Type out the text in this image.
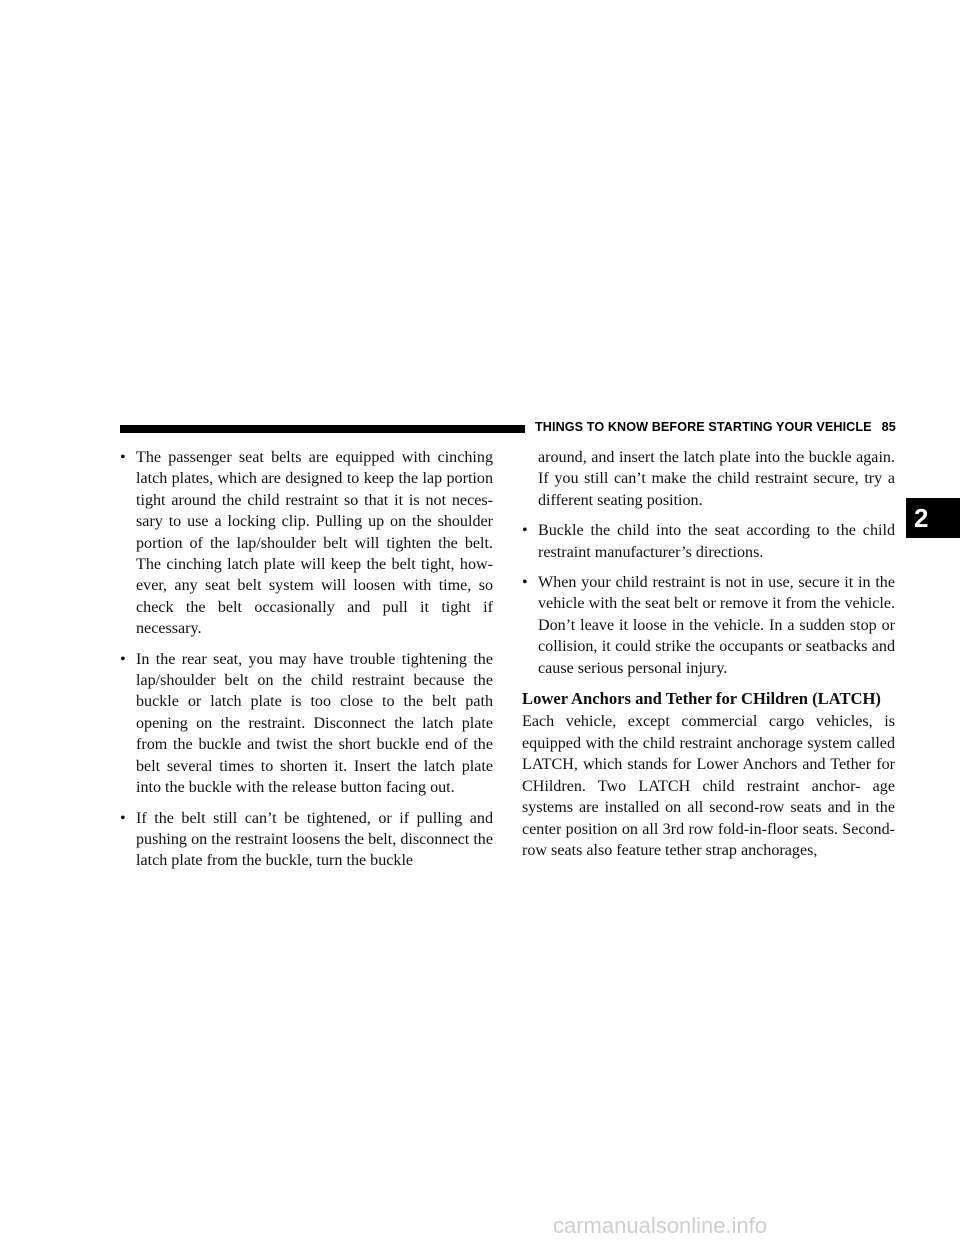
THINGS TO KNOW BEFORE STARTING YOUR VEHICLE 85
2
• The passenger seat belts are equipped with cinching latch plates, which are designed to keep the lap portion tight around the child restraint so that it is not neces- sary to use a locking clip. Pulling up on the shoulder portion of the lap/shoulder belt will tighten the belt. The cinching latch plate will keep the belt tight, how- ever, any seat belt system will loosen with time, so check the belt occasionally and pull it tight if necessary.
• In the rear seat, you may have trouble tightening the lap/shoulder belt on the child restraint because the buckle or latch plate is too close to the belt path opening on the restraint. Disconnect the latch plate from the buckle and twist the short buckle end of the belt several times to shorten it. Insert the latch plate into the buckle with the release button facing out.
• If the belt still can’t be tightened, or if pulling and pushing on the restraint loosens the belt, disconnect the latch plate from the buckle, turn the buckle
around, and insert the latch plate into the buckle again. If you still can’t make the child restraint secure, try a different seating position.
• Buckle the child into the seat according to the child restraint manufacturer’s directions.
• When your child restraint is not in use, secure it in the vehicle with the seat belt or remove it from the vehicle. Don’t leave it loose in the vehicle. In a sudden stop or collision, it could strike the occupants or seatbacks and cause serious personal injury.
Lower Anchors and Tether for CHildren (LATCH)

Each vehicle, except commercial cargo vehicles, is equipped with the child restraint anchorage system called LATCH, which stands for Lower Anchors and Tether for CHildren. Two LATCH child restraint anchor- age systems are installed on all second-row seats and in the center position on all 3rd row fold-in-floor seats. Second-row seats also feature tether strap anchorages,

carmanualsonline.info
